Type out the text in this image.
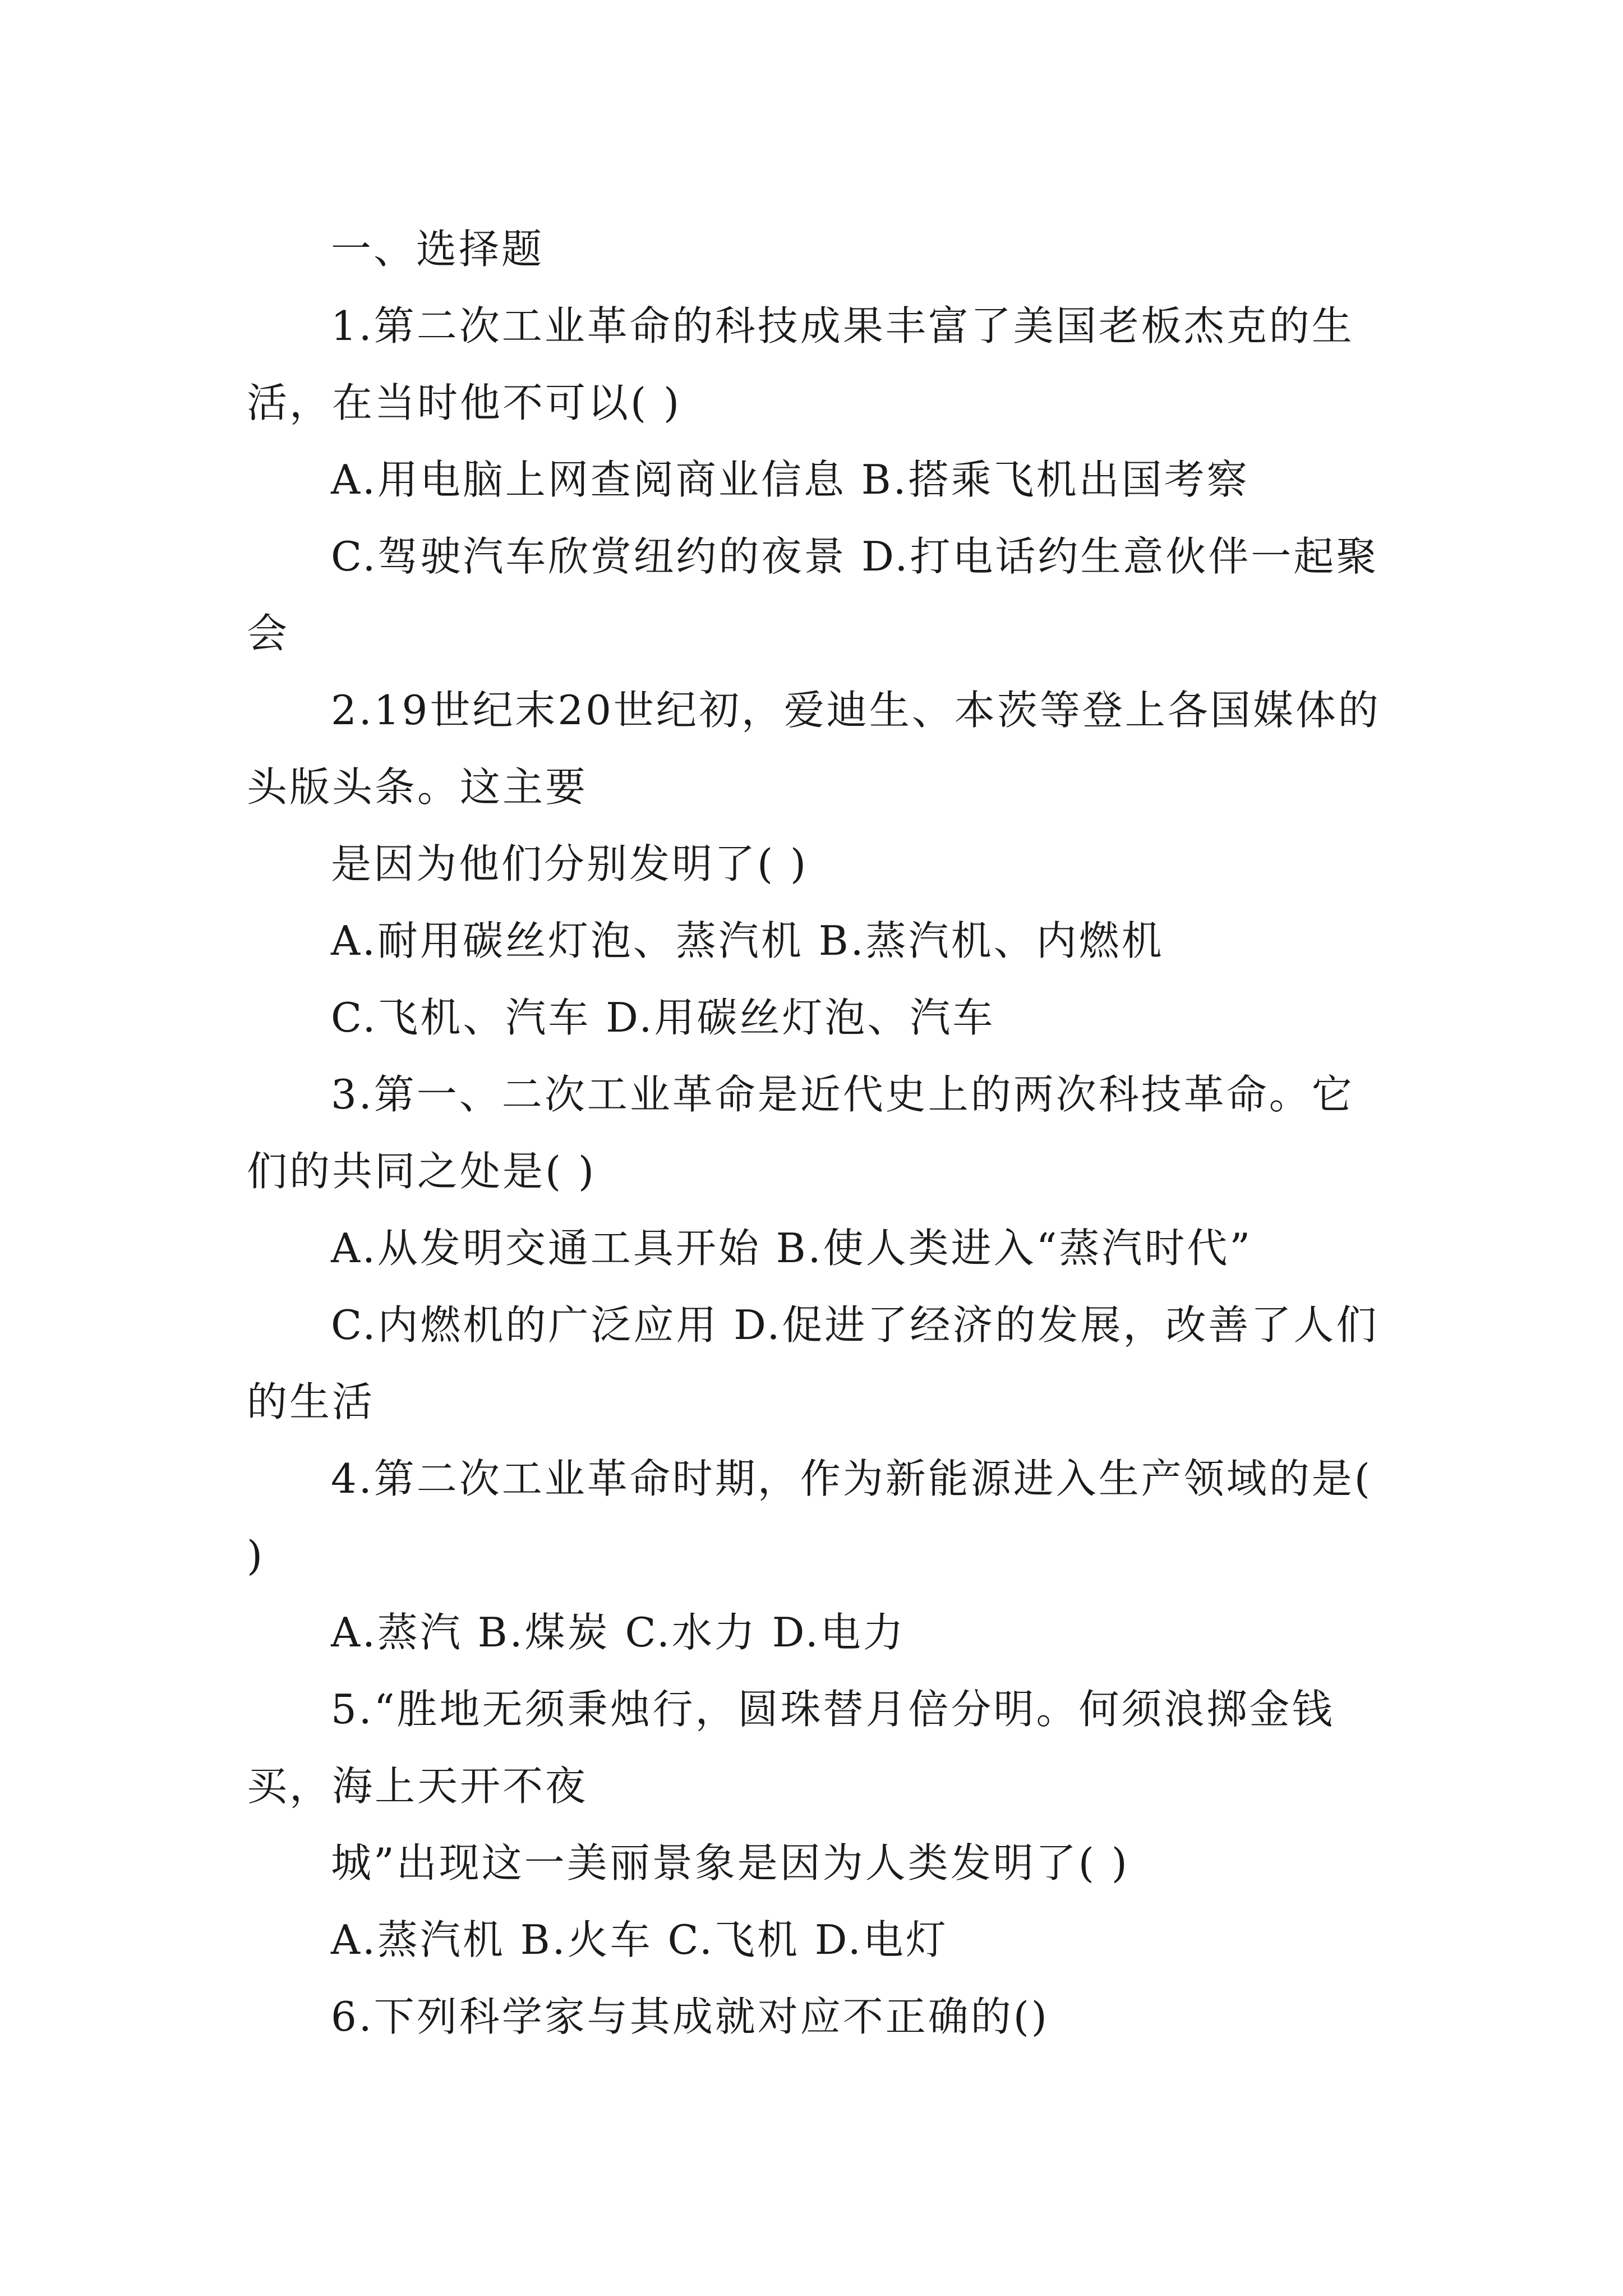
一、选择题

1.第二次工业革命的科技成果丰富了美国老板杰克的生活，在当时他不可以( )

A.用电脑上网查阅商业信息 B.搭乘飞机出国考察

C.驾驶汽车欣赏纽约的夜景 D.打电话约生意伙伴一起聚会

2.19世纪末20世纪初，爱迪生、本茨等登上各国媒体的头版头条。这主要

是因为他们分别发明了( )

A.耐用碳丝灯泡、蒸汽机 B.蒸汽机、内燃机

C.飞机、汽车 D.用碳丝灯泡、汽车

3.第一、二次工业革命是近代史上的两次科技革命。它们的共同之处是( )

A.从发明交通工具开始 B.使人类进入“蒸汽时代”

C.内燃机的广泛应用 D.促进了经济的发展，改善了人们的生活

4.第二次工业革命时期，作为新能源进入生产领域的是( )

A.蒸汽 B.煤炭 C.水力 D.电力

5.“胜地无须秉烛行，圆珠替月倍分明。何须浪掷金钱买，海上天开不夜

城”出现这一美丽景象是因为人类发明了( )

A.蒸汽机 B.火车 C.飞机 D.电灯

6.下列科学家与其成就对应不正确的()
